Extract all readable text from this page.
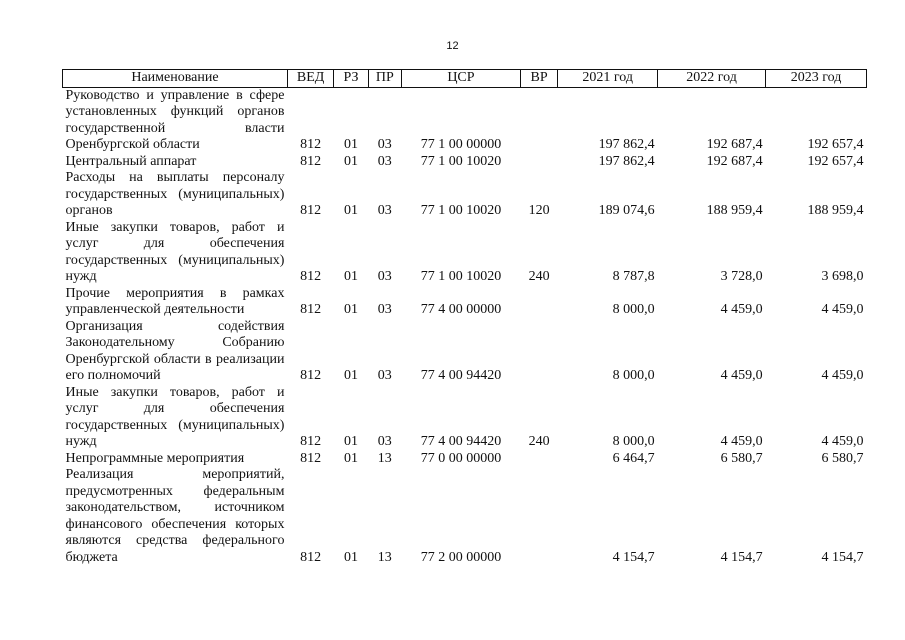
12
Наименование	ВЕД	РЗ	ПР	ЦСР	ВР	2021 год	2022 год	2023 год
Руководство и управление в сфере установленных функций органов государственной власти Оренбургской области	812	01	03	77 1 00 00000		197 862,4	192 687,4	192 657,4
Центральный аппарат	812	01	03	77 1 00 10020		197 862,4	192 687,4	192 657,4
Расходы на выплаты персоналу государственных (муниципальных) органов	812	01	03	77 1 00 10020	120	189 074,6	188 959,4	188 959,4
Иные закупки товаров, работ и услуг для обеспечения государственных (муниципальных) нужд	812	01	03	77 1 00 10020	240	8 787,8	3 728,0	3 698,0
Прочие мероприятия в рамках управленческой деятельности	812	01	03	77 4 00 00000		8 000,0	4 459,0	4 459,0
Организация содействия Законодательному Собранию Оренбургской области в реализации его полномочий	812	01	03	77 4 00 94420		8 000,0	4 459,0	4 459,0
Иные закупки товаров, работ и услуг для обеспечения государственных (муниципальных) нужд	812	01	03	77 4 00 94420	240	8 000,0	4 459,0	4 459,0
Непрограммные мероприятия	812	01	13	77 0 00 00000		6 464,7	6 580,7	6 580,7
Реализация мероприятий, предусмотренных федеральным законодательством, источником финансового обеспечения которых являются средства федерального бюджета	812	01	13	77 2 00 00000		4 154,7	4 154,7	4 154,7
